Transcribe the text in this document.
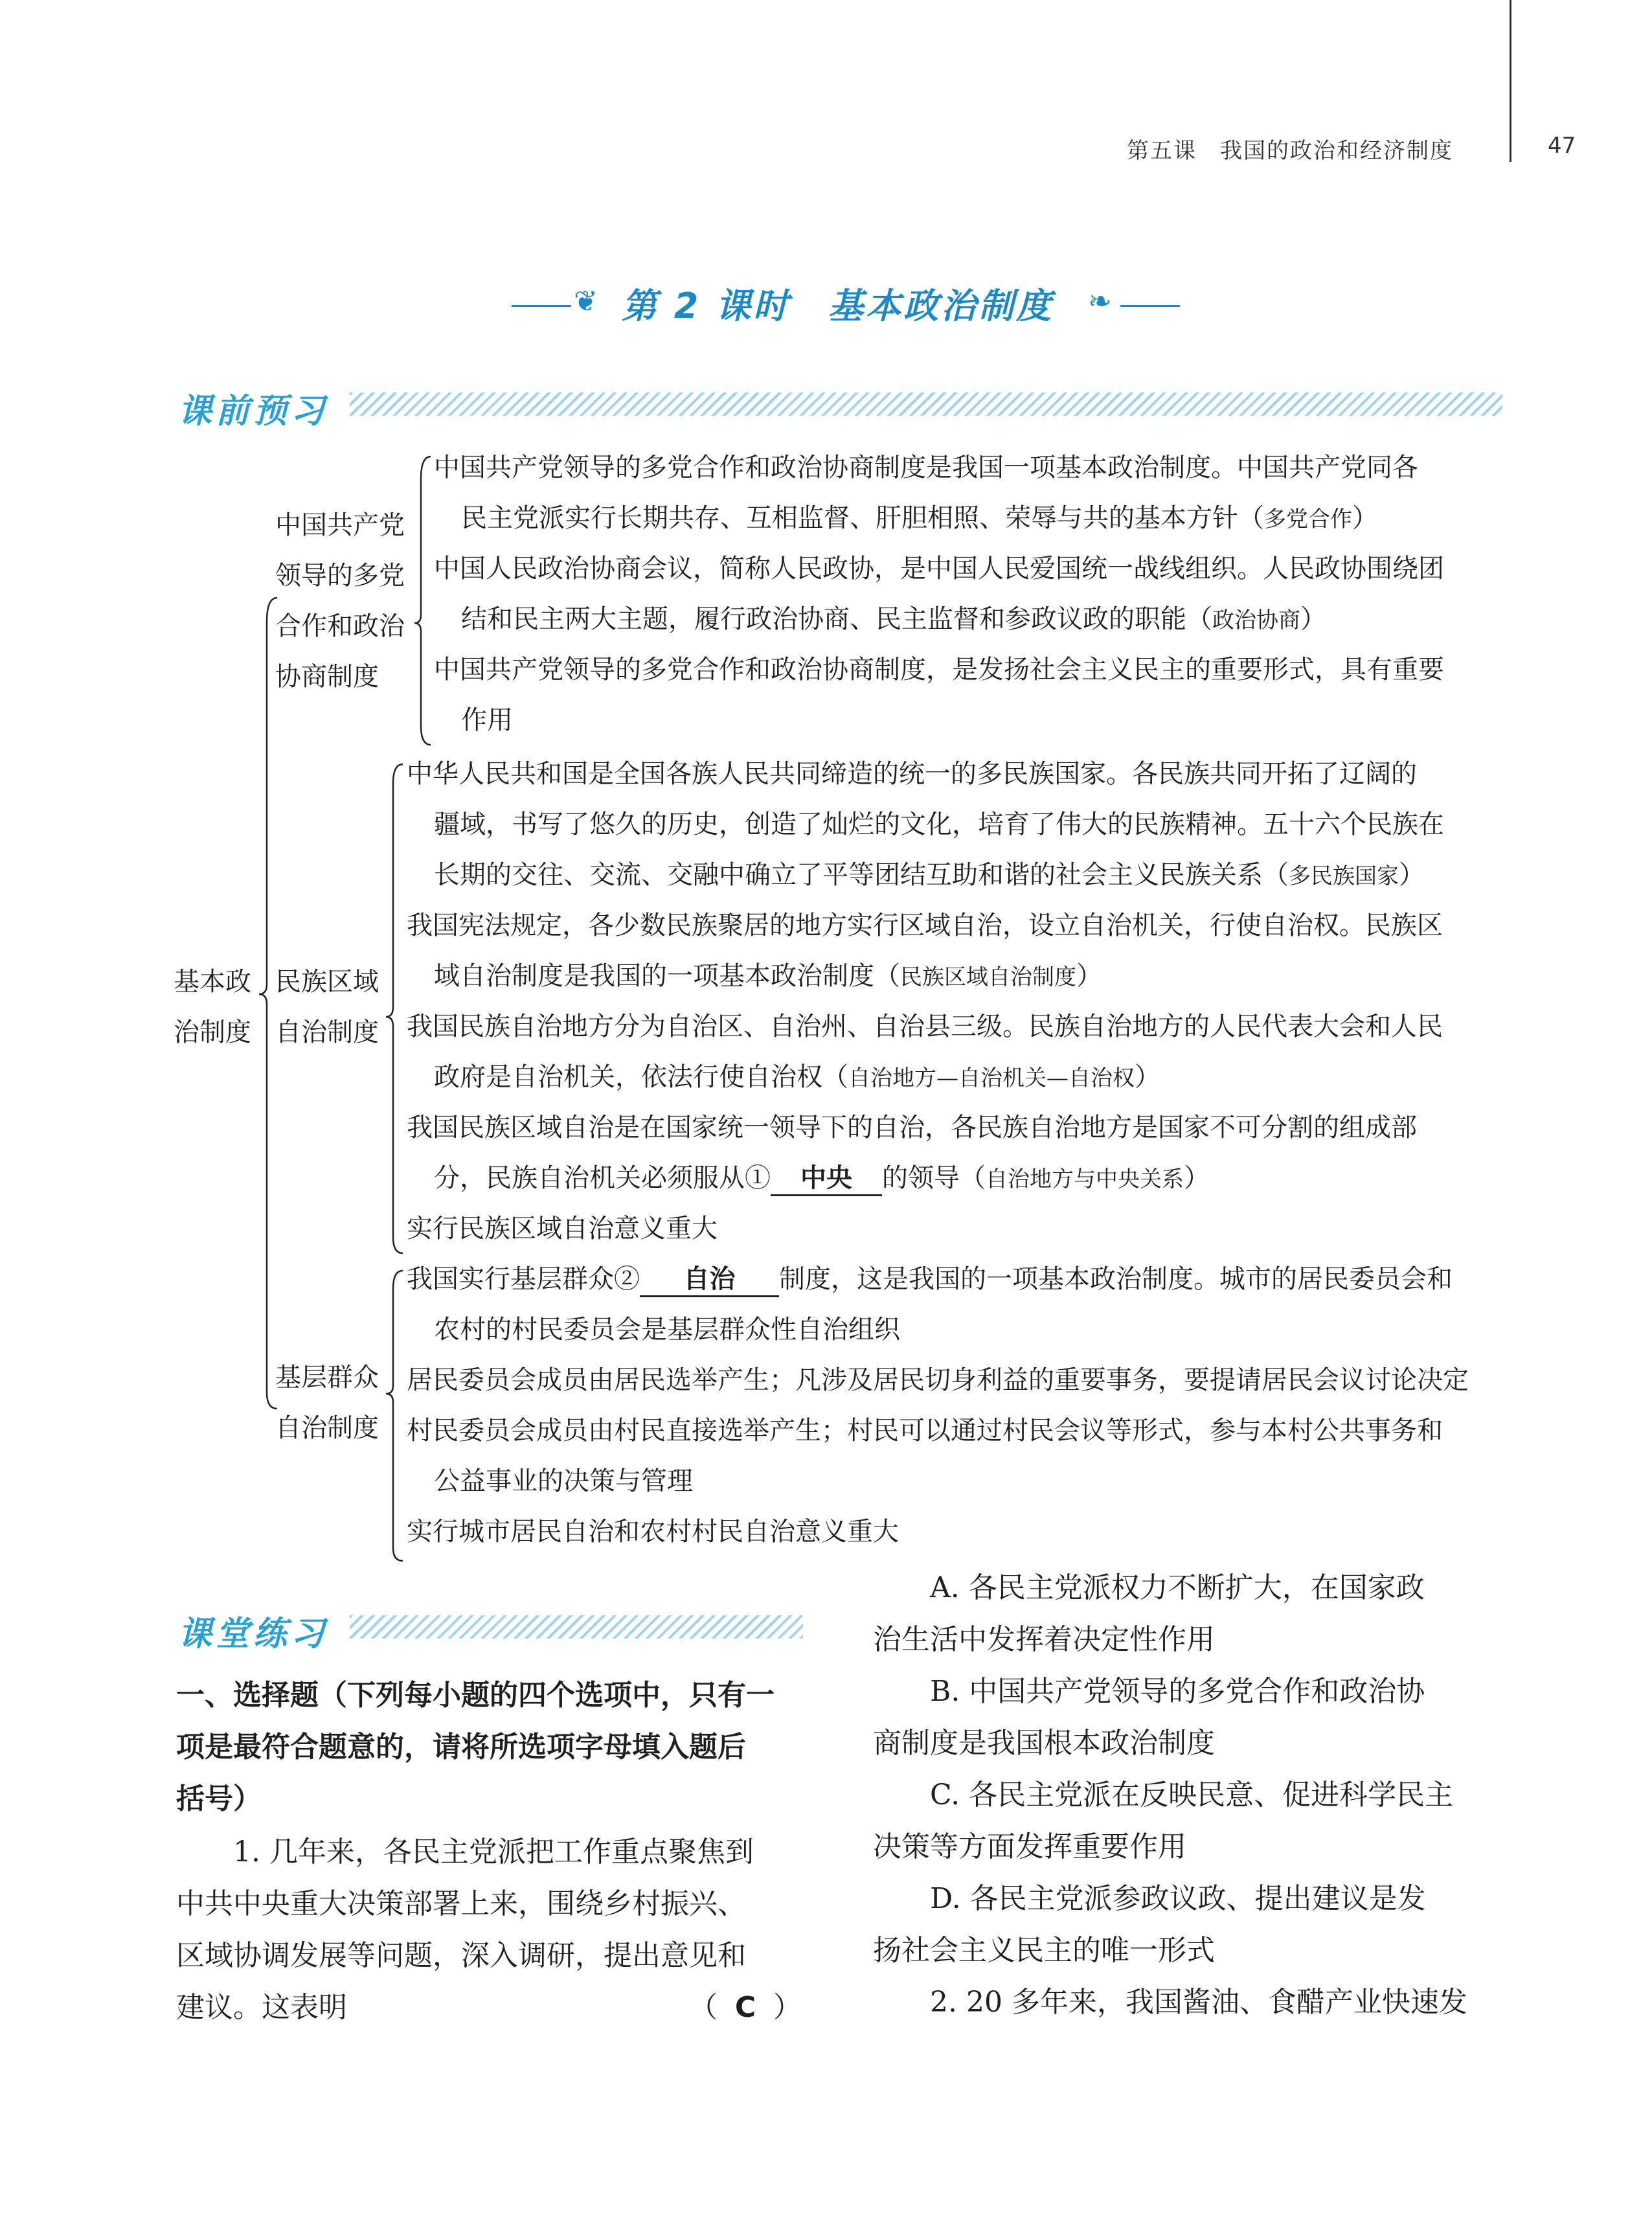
第五课　我国的政治和经济制度	47
❦ 第 2 课时　基本政治制度 ❧
课前预习
基本政
治制度
中国共产党
领导的多党
合作和政治
协商制度
中国共产党领导的多党合作和政治协商制度是我国一项基本政治制度。中国共产党同各
民主党派实行长期共存、互相监督、肝胆相照、荣辱与共的基本方针（多党合作）
中国人民政治协商会议，简称人民政协，是中国人民爱国统一战线组织。人民政协围绕团
结和民主两大主题，履行政治协商、民主监督和参政议政的职能（政治协商）
中国共产党领导的多党合作和政治协商制度，是发扬社会主义民主的重要形式，具有重要
作用
民族区域
自治制度
中华人民共和国是全国各族人民共同缔造的统一的多民族国家。各民族共同开拓了辽阔的
疆域，书写了悠久的历史，创造了灿烂的文化，培育了伟大的民族精神。五十六个民族在
长期的交往、交流、交融中确立了平等团结互助和谐的社会主义民族关系（多民族国家）
我国宪法规定，各少数民族聚居的地方实行区域自治，设立自治机关，行使自治权。民族区
域自治制度是我国的一项基本政治制度（民族区域自治制度）
我国民族自治地方分为自治区、自治州、自治县三级。民族自治地方的人民代表大会和人民
政府是自治机关，依法行使自治权（自治地方—自治机关—自治权）
我国民族区域自治是在国家统一领导下的自治，各民族自治地方是国家不可分割的组成部
分，民族自治机关必须服从① 中央 的领导（自治地方与中央关系）
实行民族区域自治意义重大
基层群众
自治制度
我国实行基层群众② 自治 制度，这是我国的一项基本政治制度。城市的居民委员会和
农村的村民委员会是基层群众性自治组织
居民委员会成员由居民选举产生；凡涉及居民切身利益的重要事务，要提请居民会议讨论决定
村民委员会成员由村民直接选举产生；村民可以通过村民会议等形式，参与本村公共事务和
公益事业的决策与管理
实行城市居民自治和农村村民自治意义重大
课堂练习
一、选择题（下列每小题的四个选项中，只有一
项是最符合题意的，请将所选项字母填入题后
括号）
1. 几年来，各民主党派把工作重点聚焦到
中共中央重大决策部署上来，围绕乡村振兴、
区域协调发展等问题，深入调研，提出意见和
建议。这表明	（ C ）
A. 各民主党派权力不断扩大，在国家政
治生活中发挥着决定性作用
B. 中国共产党领导的多党合作和政治协
商制度是我国根本政治制度
C. 各民主党派在反映民意、促进科学民主
决策等方面发挥重要作用
D. 各民主党派参政议政、提出建议是发
扬社会主义民主的唯一形式
2. 20 多年来，我国酱油、食醋产业快速发
